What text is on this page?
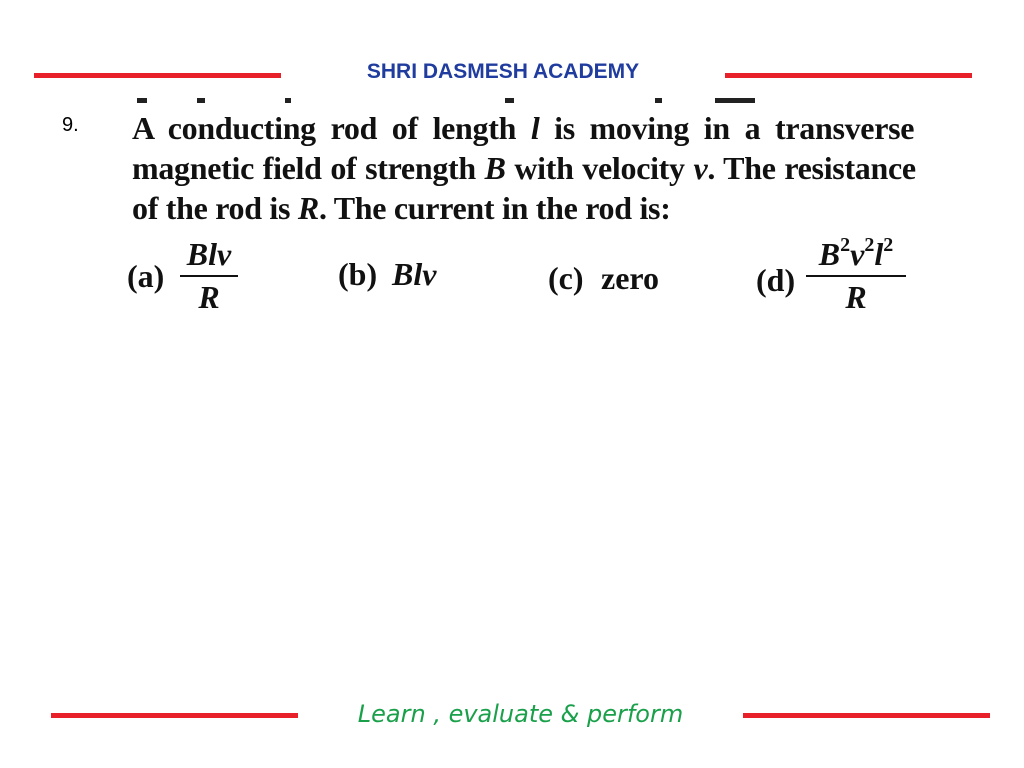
SHRI DASMESH ACADEMY
9. A conducting rod of length l is moving in a transverse
magnetic field of strength B with velocity v. The resistance
of the rod is R. The current in the rod is:
(a)
Blv
R
(b) Blv	(c) zero	(d)
$B^2v^2l^2$
R
Learn , evaluate & perform
